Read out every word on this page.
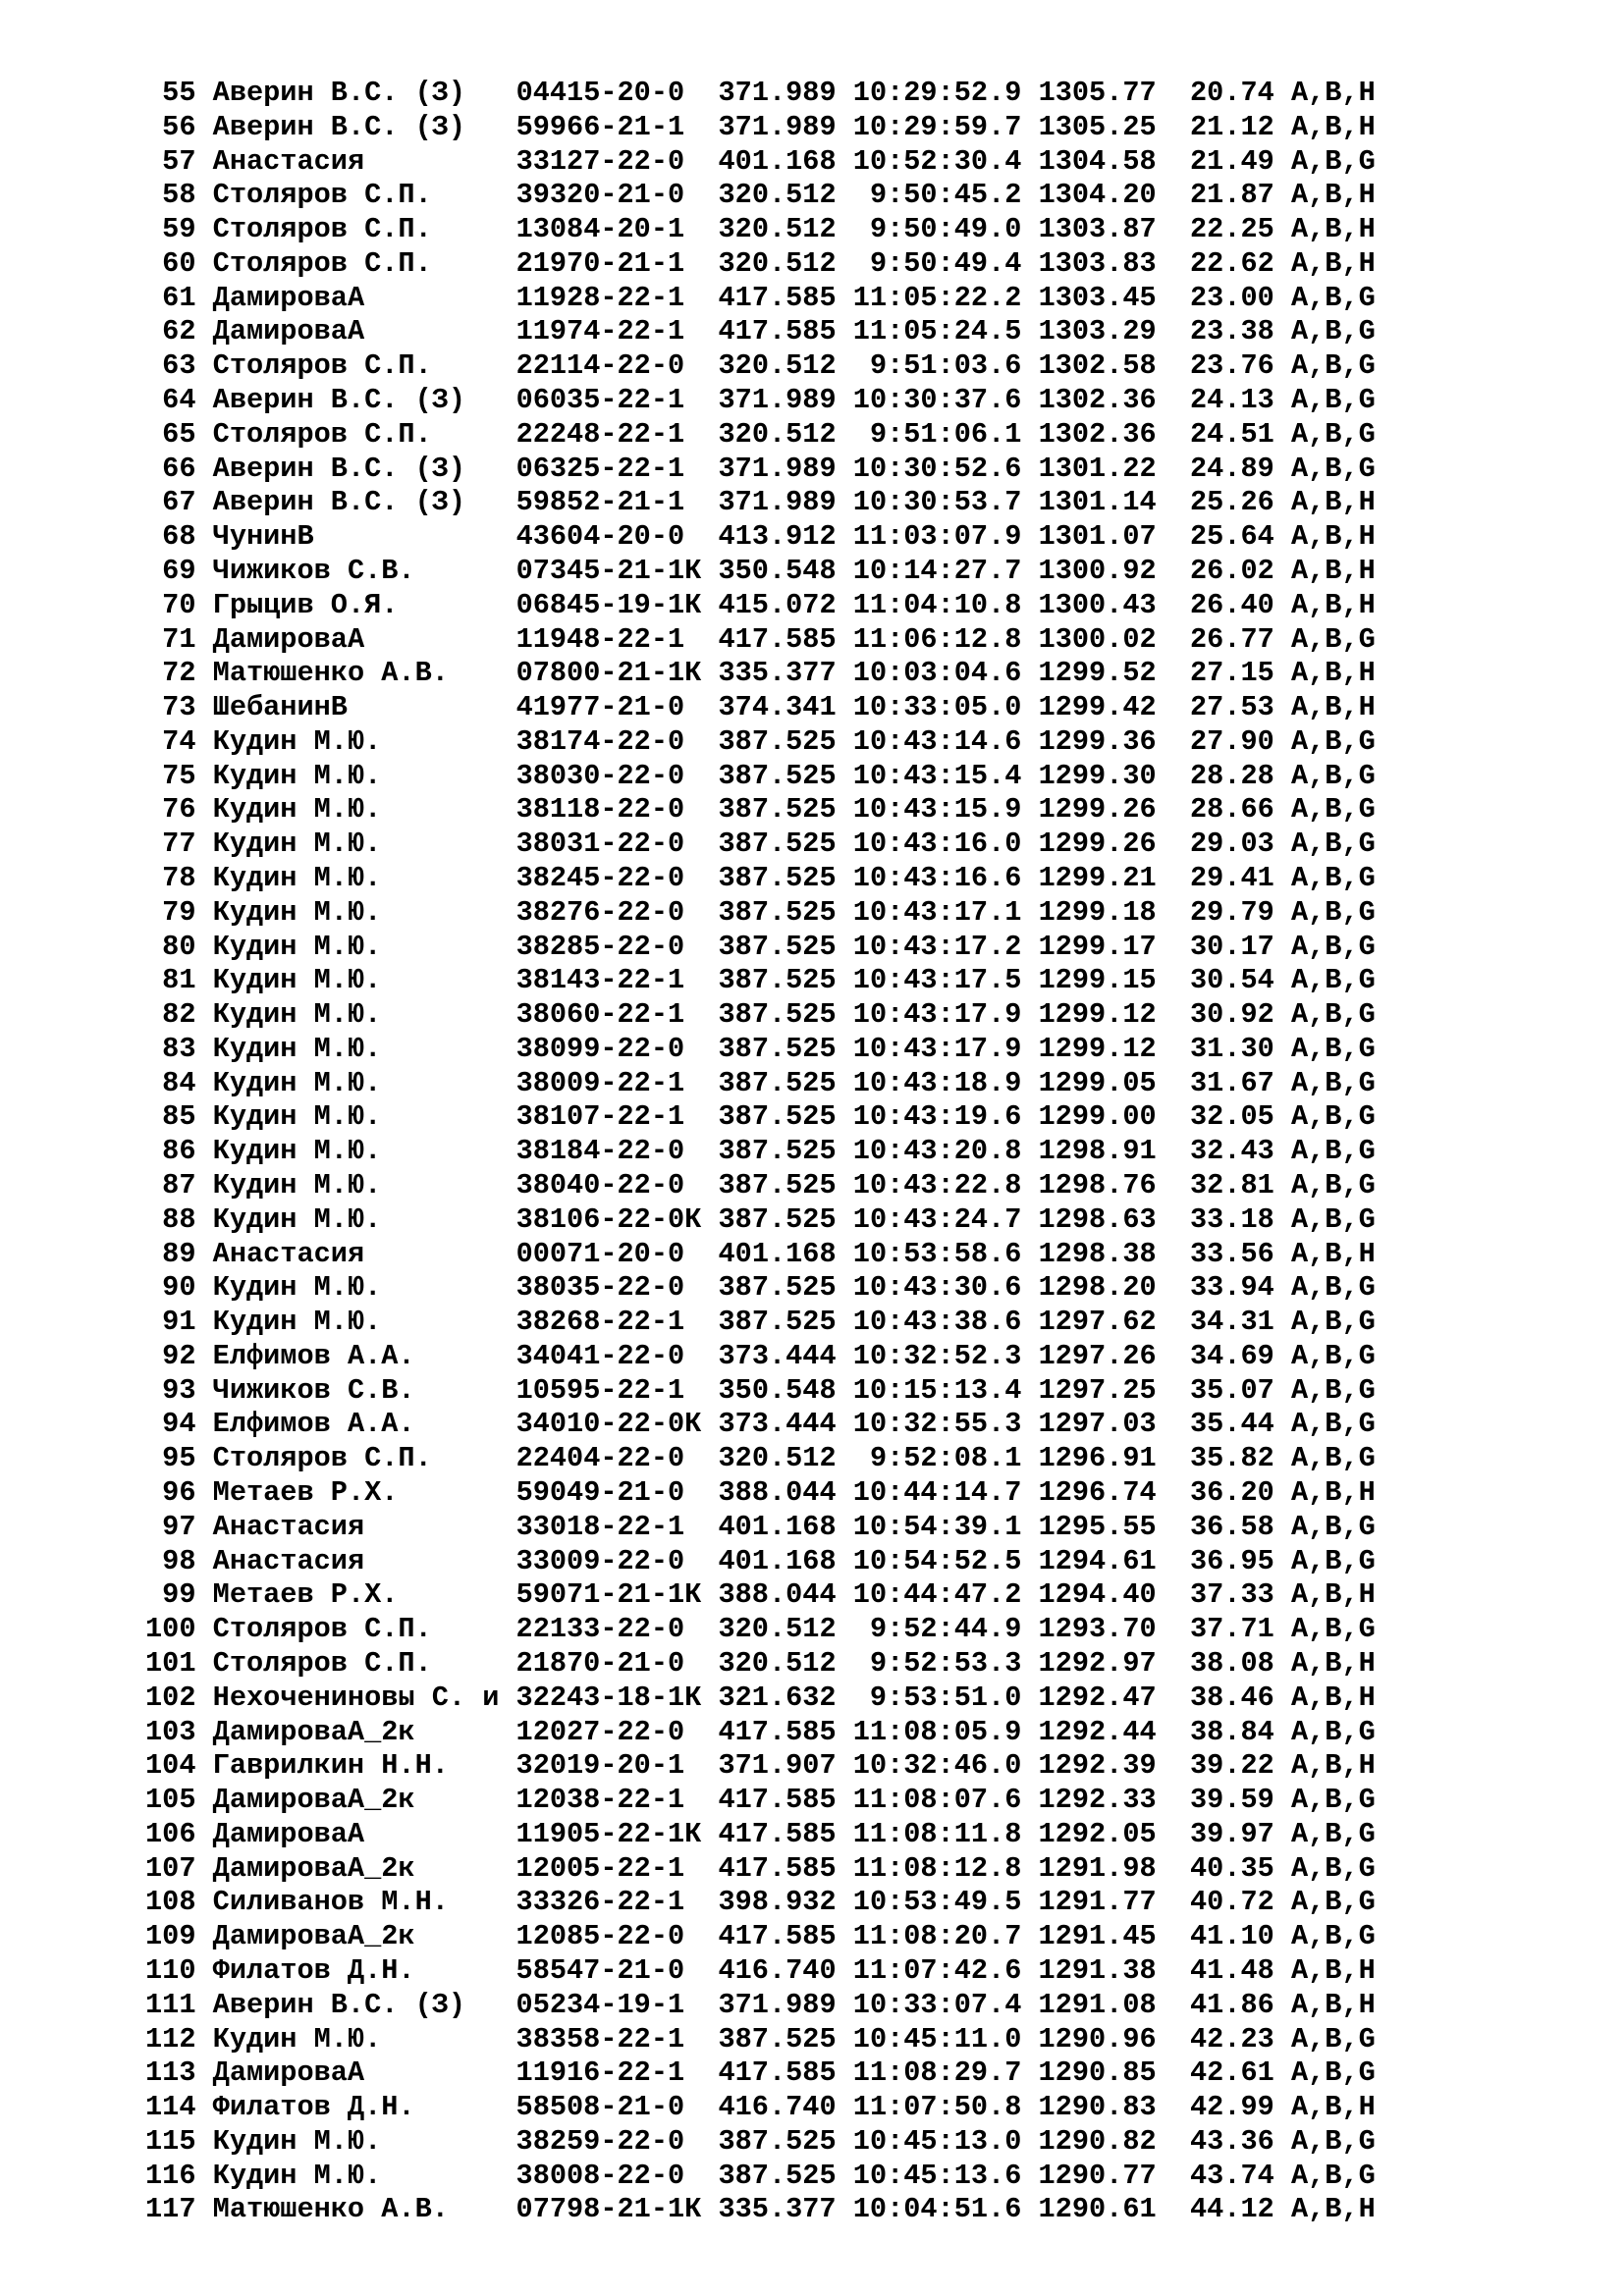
55 Аверин В.С. (З) 04415-20-0 371.989 10:29:52.9 1305.77 20.74 A,B,H
56 Аверин В.С. (З) 59966-21-1 371.989 10:29:59.7 1305.25 21.12 A,B,H
57 Анастасия	33127-22-0 401.168 10:52:30.4 1304.58 21.49 A,B,G
58 Столяров С.П.	39320-21-0 320.512 9:50:45.2 1304.20 21.87 A,B,H
59 Столяров С.П.	13084-20-1 320.512 9:50:49.0 1303.87 22.25 A,B,H
60 Столяров С.П.	21970-21-1 320.512 9:50:49.4 1303.83 22.62 A,B,H
61 ДамироваА	11928-22-1 417.585 11:05:22.2 1303.45 23.00 A,B,G
62 ДамироваА	11974-22-1 417.585 11:05:24.5 1303.29 23.38 A,B,G
63 Столяров С.П.	22114-22-0 320.512 9:51:03.6 1302.58 23.76 A,B,G
64 Аверин В.С. (З) 06035-22-1 371.989 10:30:37.6 1302.36 24.13 A,B,G
65 Столяров С.П.	22248-22-1 320.512 9:51:06.1 1302.36 24.51 A,B,G
66 Аверин В.С. (З) 06325-22-1 371.989 10:30:52.6 1301.22 24.89 A,B,G
67 Аверин В.С. (З) 59852-21-1 371.989 10:30:53.7 1301.14 25.26 A,B,H
68 ЧунинВ	43604-20-0 413.912 11:03:07.9 1301.07 25.64 A,B,H
69 Чижиков С.В.	07345-21-1К 350.548 10:14:27.7 1300.92 26.02 A,B,H
70 Грыцив О.Я.	06845-19-1К 415.072 11:04:10.8 1300.43 26.40 A,B,H
71 ДамироваА	11948-22-1 417.585 11:06:12.8 1300.02 26.77 A,B,G
72 Матюшенко А.В. 07800-21-1К 335.377 10:03:04.6 1299.52 27.15 A,B,H
73 ШебанинВ	41977-21-0 374.341 10:33:05.0 1299.42 27.53 A,B,H
74 Кудин М.Ю.	38174-22-0 387.525 10:43:14.6 1299.36 27.90 A,B,G
75 Кудин М.Ю.	38030-22-0 387.525 10:43:15.4 1299.30 28.28 A,B,G
76 Кудин М.Ю.	38118-22-0 387.525 10:43:15.9 1299.26 28.66 A,B,G
77 Кудин М.Ю.	38031-22-0 387.525 10:43:16.0 1299.26 29.03 A,B,G
78 Кудин М.Ю.	38245-22-0 387.525 10:43:16.6 1299.21 29.41 A,B,G
79 Кудин М.Ю.	38276-22-0 387.525 10:43:17.1 1299.18 29.79 A,B,G
80 Кудин М.Ю.	38285-22-0 387.525 10:43:17.2 1299.17 30.17 A,B,G
81 Кудин М.Ю.	38143-22-1 387.525 10:43:17.5 1299.15 30.54 A,B,G
82 Кудин М.Ю.	38060-22-1 387.525 10:43:17.9 1299.12 30.92 A,B,G
83 Кудин М.Ю.	38099-22-0 387.525 10:43:17.9 1299.12 31.30 A,B,G
84 Кудин М.Ю.	38009-22-1 387.525 10:43:18.9 1299.05 31.67 A,B,G
85 Кудин М.Ю.	38107-22-1 387.525 10:43:19.6 1299.00 32.05 A,B,G
86 Кудин М.Ю.	38184-22-0 387.525 10:43:20.8 1298.91 32.43 A,B,G
87 Кудин М.Ю.	38040-22-0 387.525 10:43:22.8 1298.76 32.81 A,B,G
88 Кудин М.Ю.	38106-22-0К 387.525 10:43:24.7 1298.63 33.18 A,B,G
89 Анастасия	00071-20-0 401.168 10:53:58.6 1298.38 33.56 A,B,H
90 Кудин М.Ю.	38035-22-0 387.525 10:43:30.6 1298.20 33.94 A,B,G
91 Кудин М.Ю.	38268-22-1 387.525 10:43:38.6 1297.62 34.31 A,B,G
92 Елфимов А.А.	34041-22-0 373.444 10:32:52.3 1297.26 34.69 A,B,G
93 Чижиков С.В.	10595-22-1 350.548 10:15:13.4 1297.25 35.07 A,B,G
94 Елфимов А.А.	34010-22-0К 373.444 10:32:55.3 1297.03 35.44 A,B,G
95 Столяров С.П.	22404-22-0 320.512 9:52:08.1 1296.91 35.82 A,B,G
96 Метаев Р.Х.	59049-21-0 388.044 10:44:14.7 1296.74 36.20 A,B,H
97 Анастасия	33018-22-1 401.168 10:54:39.1 1295.55 36.58 A,B,G
98 Анастасия	33009-22-0 401.168 10:54:52.5 1294.61 36.95 A,B,G
99 Метаев Р.Х.	59071-21-1К 388.044 10:44:47.2 1294.40 37.33 A,B,H
100 Столяров С.П.	22133-22-0 320.512 9:52:44.9 1293.70 37.71 A,B,G
101 Столяров С.П.	21870-21-0 320.512 9:52:53.3 1292.97 38.08 A,B,H
102 Нехочениновы С. и 32243-18-1К 321.632 9:53:51.0 1292.47 38.46 A,B,H
103 ДамироваА_2к	12027-22-0 417.585 11:08:05.9 1292.44 38.84 A,B,G
104 Гаврилкин Н.Н. 32019-20-1 371.907 10:32:46.0 1292.39 39.22 A,B,H
105 ДамироваА_2к	12038-22-1 417.585 11:08:07.6 1292.33 39.59 A,B,G
106 ДамироваА	11905-22-1К 417.585 11:08:11.8 1292.05 39.97 A,B,G
107 ДамироваА_2к	12005-22-1 417.585 11:08:12.8 1291.98 40.35 A,B,G
108 Силиванов М.Н. 33326-22-1 398.932 10:53:49.5 1291.77 40.72 A,B,G
109 ДамироваА_2к	12085-22-0 417.585 11:08:20.7 1291.45 41.10 A,B,G
110 Филатов Д.Н.	58547-21-0 416.740 11:07:42.6 1291.38 41.48 A,B,H
111 Аверин В.С. (З) 05234-19-1 371.989 10:33:07.4 1291.08 41.86 A,B,H
112 Кудин М.Ю.	38358-22-1 387.525 10:45:11.0 1290.96 42.23 A,B,G
113 ДамироваА	11916-22-1 417.585 11:08:29.7 1290.85 42.61 A,B,G
114 Филатов Д.Н.	58508-21-0 416.740 11:07:50.8 1290.83 42.99 A,B,H
115 Кудин М.Ю.	38259-22-0 387.525 10:45:13.0 1290.82 43.36 A,B,G
116 Кудин М.Ю.	38008-22-0 387.525 10:45:13.6 1290.77 43.74 A,B,G
117 Матюшенко А.В. 07798-21-1К 335.377 10:04:51.6 1290.61 44.12 A,B,H
